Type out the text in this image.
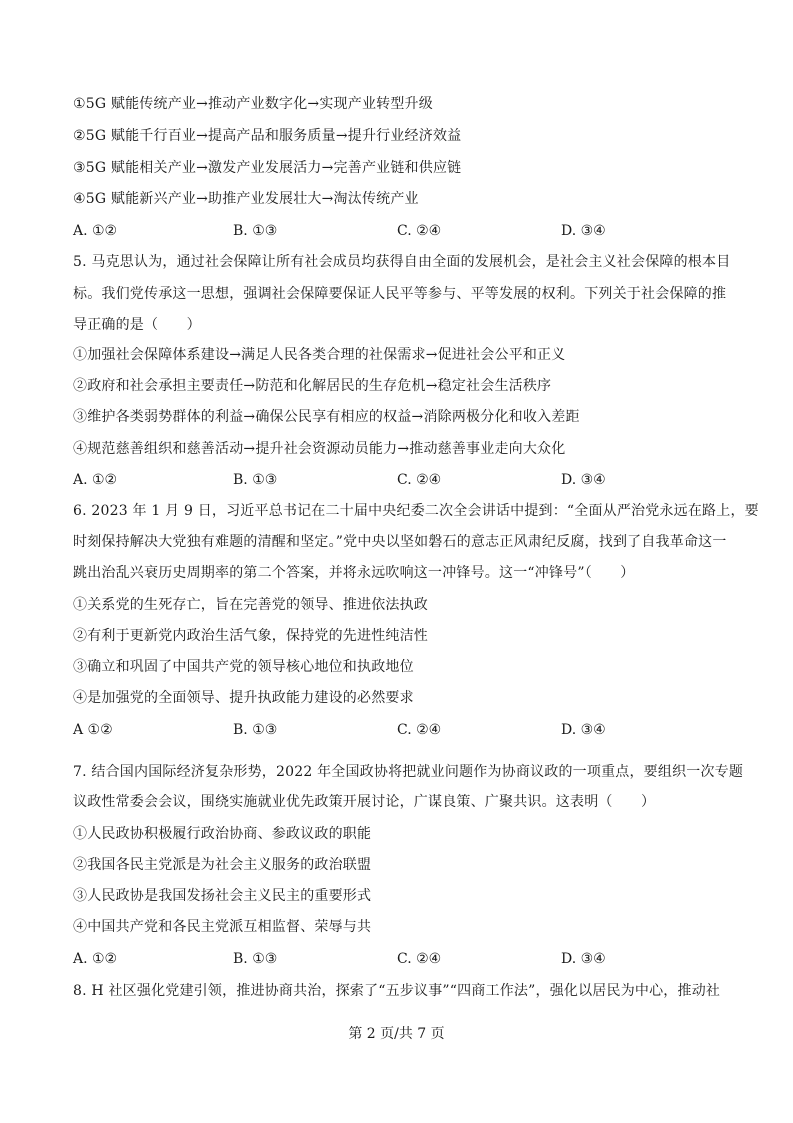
①5G 赋能传统产业→推动产业数字化→实现产业转型升级
②5G 赋能千行百业→提高产品和服务质量→提升行业经济效益
③5G 赋能相关产业→激发产业发展活力→完善产业链和供应链
④5G 赋能新兴产业→助推产业发展壮大→淘汰传统产业
A. ①②	B. ①③	C. ②④	D. ③④
5. 马克思认为，通过社会保障让所有社会成员均获得自由全面的发展机会，是社会主义社会保障的根本目
标。我们党传承这一思想，强调社会保障要保证人民平等参与、平等发展的权利。下列关于社会保障的推
导正确的是（　　）
①加强社会保障体系建设→满足人民各类合理的社保需求→促进社会公平和正义
②政府和社会承担主要责任→防范和化解居民的生存危机→稳定社会生活秩序
③维护各类弱势群体的利益→确保公民享有相应的权益→消除两极分化和收入差距
④规范慈善组织和慈善活动→提升社会资源动员能力→推动慈善事业走向大众化
A. ①②	B. ①③	C. ②④	D. ③④
6. 2023 年 1 月 9 日，习近平总书记在二十届中央纪委二次全会讲话中提到：“全面从严治党永远在路上，要
时刻保持解决大党独有难题的清醒和坚定。”党中央以坚如磐石的意志正风肃纪反腐，找到了自我革命这一
跳出治乱兴衰历史周期率的第二个答案，并将永远吹响这一冲锋号。这一“冲锋号”（　　）
①关系党的生死存亡，旨在完善党的领导、推进依法执政
②有利于更新党内政治生活气象，保持党的先进性纯洁性
③确立和巩固了中国共产党的领导核心地位和执政地位
④是加强党的全面领导、提升执政能力建设的必然要求
A ①②	B. ①③	C. ②④	D. ③④
7. 结合国内国际经济复杂形势，2022 年全国政协将把就业问题作为协商议政的一项重点，要组织一次专题
议政性常委会会议，围绕实施就业优先政策开展讨论，广谋良策、广聚共识。这表明（　　）
①人民政协积极履行政治协商、参政议政的职能
②我国各民主党派是为社会主义服务的政治联盟
③人民政协是我国发扬社会主义民主的重要形式
④中国共产党和各民主党派互相监督、荣辱与共
A. ①②	B. ①③	C. ②④	D. ③④
8. H 社区强化党建引领，推进协商共治，探索了“五步议事”“四商工作法”，强化以居民为中心，推动社
第 2 页/共 7 页
